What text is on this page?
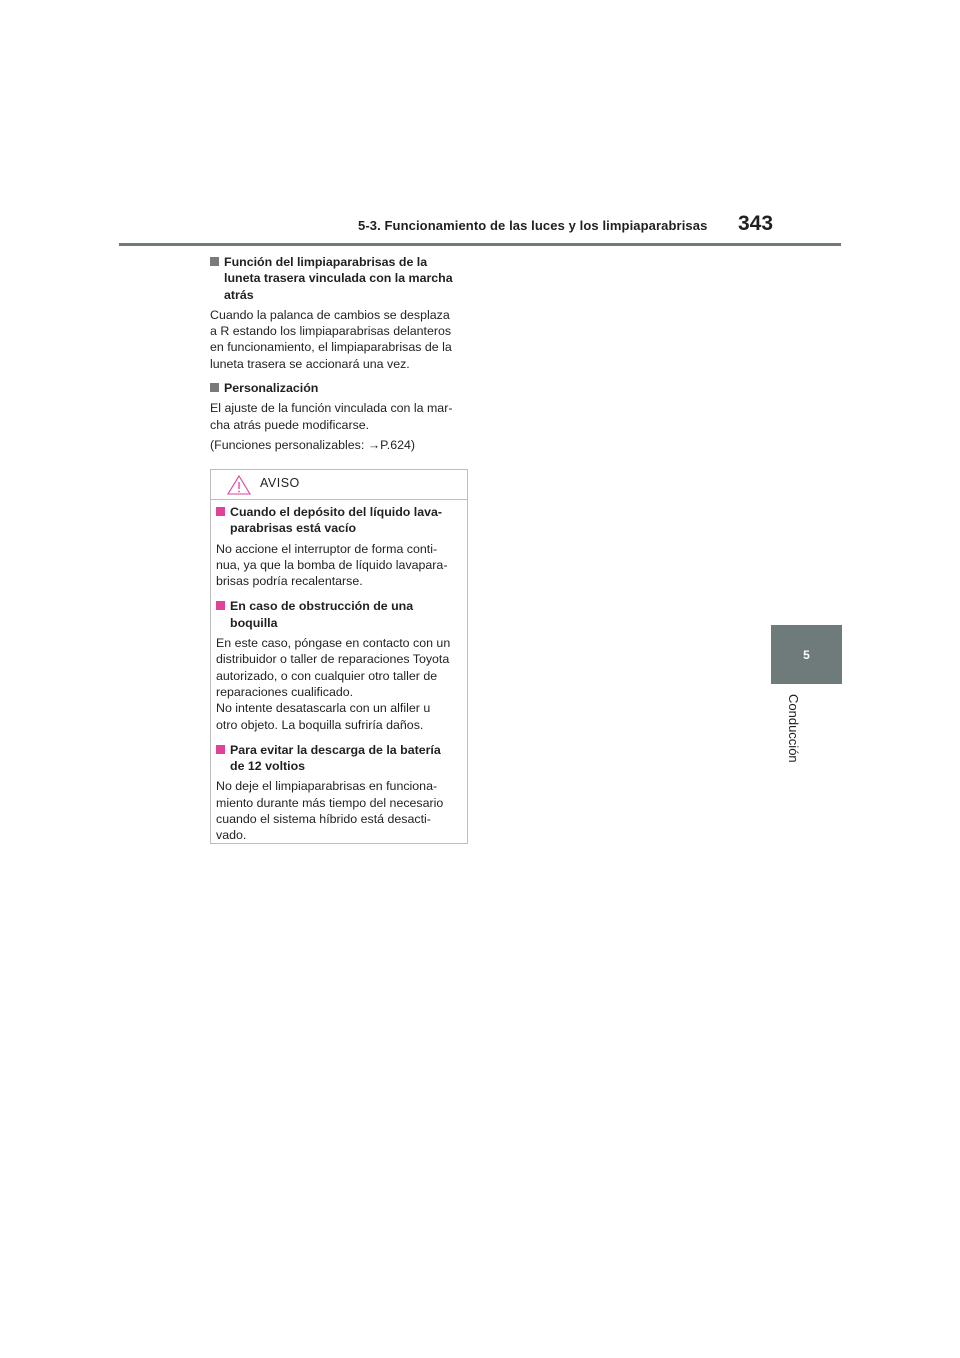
5-3. Funcionamiento de las luces y los limpiaparabrisas 343
5
Conducción
Función del limpiaparabrisas de la
luneta trasera vinculada con la marcha
atrás
Cuando la palanca de cambios se desplaza
a R estando los limpiaparabrisas delanteros
en funcionamiento, el limpiaparabrisas de la
luneta trasera se accionará una vez.
Personalización
El ajuste de la función vinculada con la mar-
cha atrás puede modificarse.
(Funciones personalizables: →P.624)
AVISO
Cuando el depósito del líquido lava-
parabrisas está vacío
No accione el interruptor de forma conti-
nua, ya que la bomba de líquido lavapara-
brisas podría recalentarse.
En caso de obstrucción de una
boquilla
En este caso, póngase en contacto con un
distribuidor o taller de reparaciones Toyota
autorizado, o con cualquier otro taller de
reparaciones cualificado.
No intente desatascarla con un alfiler u
otro objeto. La boquilla sufriría daños.
Para evitar la descarga de la batería
de 12 voltios
No deje el limpiaparabrisas en funciona-
miento durante más tiempo del necesario
cuando el sistema híbrido está desacti-
vado.
